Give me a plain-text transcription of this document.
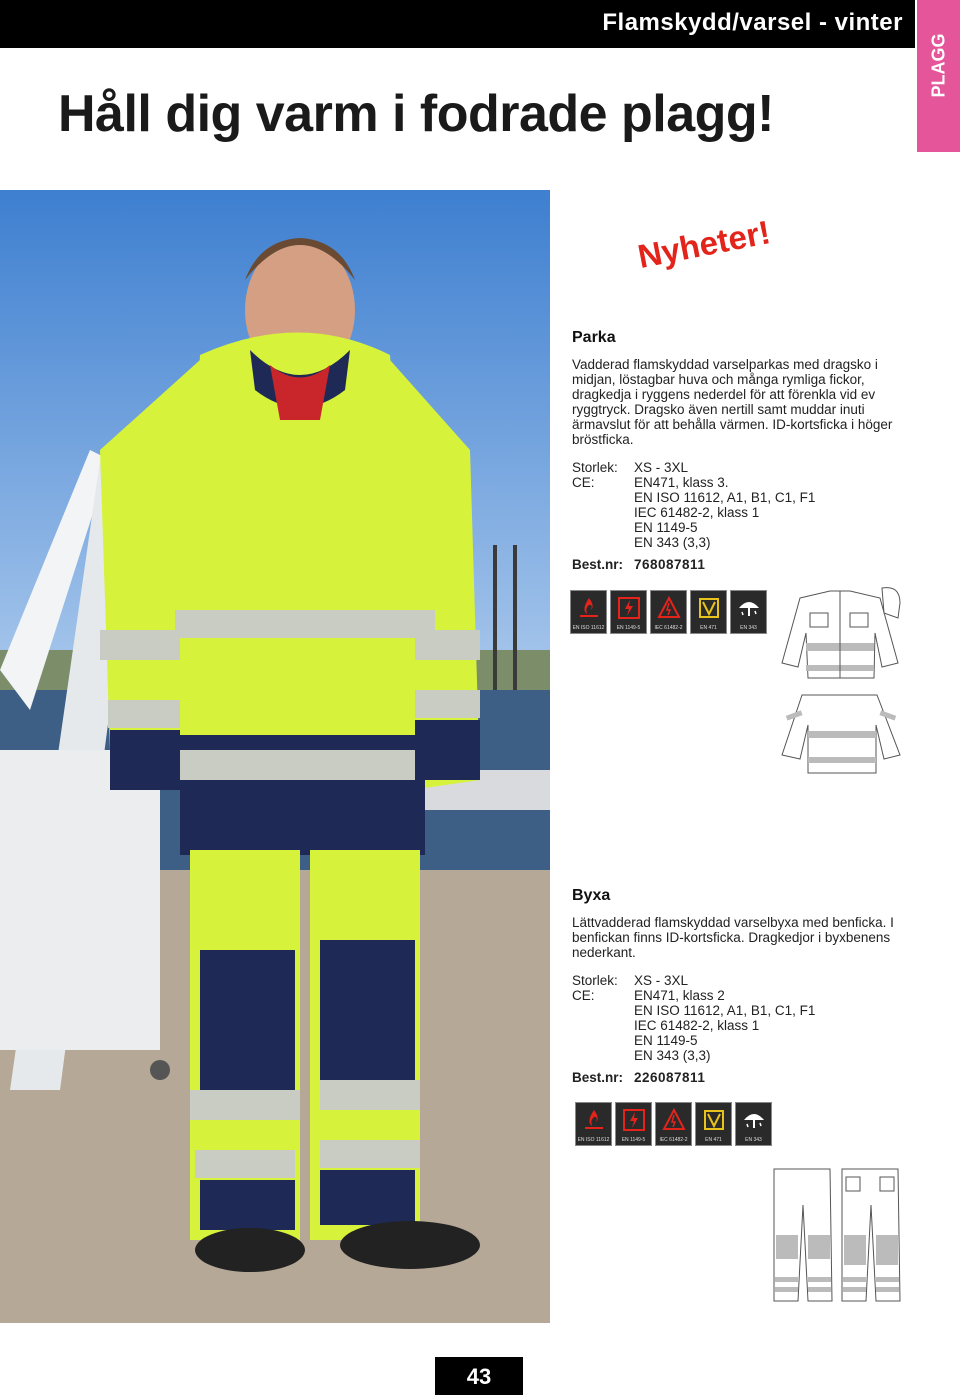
Flamskydd/varsel - vinter
PLAGG
Håll dig varm i fodrade plagg!
Nyheter!
Parka

Vadderad flamskyddad varselparkas med dragsko i midjan, löstagbar huva och många rymliga fickor, dragkedja i ryggens nederdel för att förenkla vid ev ryggtryck. Dragsko även nertill samt muddar inuti ärmavslut för att behålla värmen. ID-kortsficka i höger bröstficka.

Storlek:	XS - 3XL
CE:	EN471, klass 3.
EN ISO 11612, A1, B1, C1, F1
IEC 61482-2, klass 1
EN 1149-5
EN 343 (3,3)
Best.nr: 768087811
EN ISO 11612	EN 1149-5	IEC 61482-2	EN 471	EN 343
Byxa

Lättvadderad flamskyddad varselbyxa med benficka. I benfickan finns ID-kortsficka. Dragkedjor i byxbenens nederkant.

Storlek:	XS - 3XL
CE:	EN471, klass 2
EN ISO 11612, A1, B1, C1, F1
IEC 61482-2, klass 1
EN 1149-5
EN 343 (3,3)
Best.nr: 226087811
EN ISO 11612	EN 1149-5	IEC 61482-2	EN 471	EN 343
43
